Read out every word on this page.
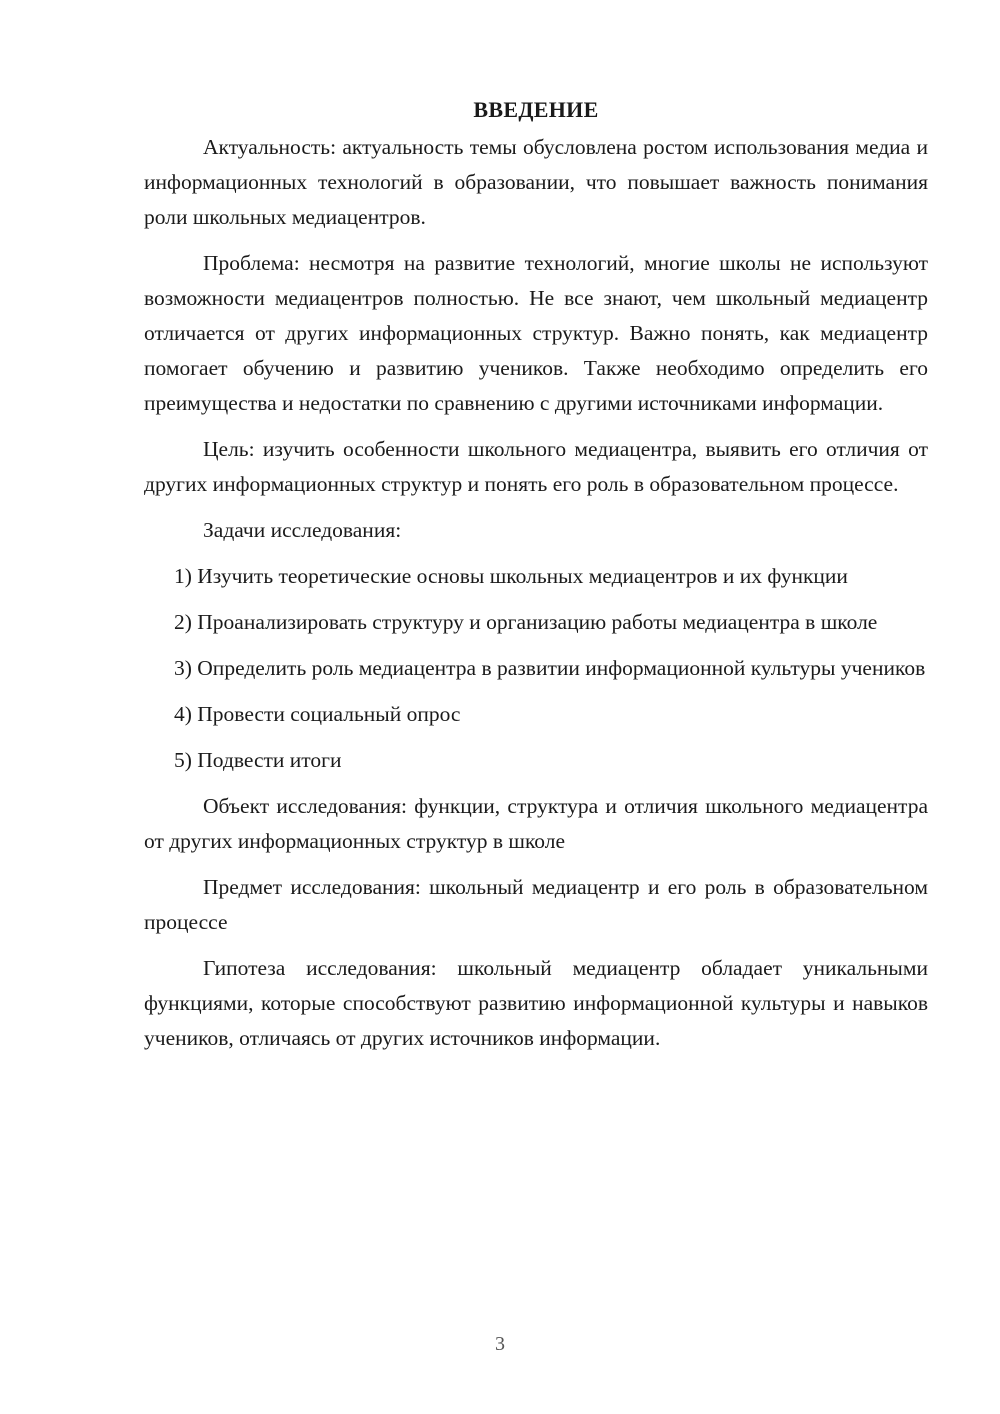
ВВЕДЕНИЕ

Актуальность: актуальность темы обусловлена ростом использования медиа и информационных технологий в образовании, что повышает важность понимания роли школьных медиацентров.

Проблема: несмотря на развитие технологий, многие школы не используют возможности медиацентров полностью. Не все знают, чем школьный медиацентр отличается от других информационных структур. Важно понять, как медиацентр помогает обучению и развитию учеников. Также необходимо определить его преимущества и недостатки по сравнению с другими источниками информации.

Цель: изучить особенности школьного медиацентра, выявить его отличия от других информационных структур и понять его роль в образовательном процессе.

Задачи исследования:

1) Изучить теоретические основы школьных медиацентров и их функции

2) Проанализировать структуру и организацию работы медиацентра в школе

3) Определить роль медиацентра в развитии информационной культуры учеников

4) Провести социальный опрос

5) Подвести итоги

Объект исследования: функции, структура и отличия школьного медиацентра от других информационных структур в школе

Предмет исследования: школьный медиацентр и его роль в образовательном процессе

Гипотеза исследования: школьный медиацентр обладает уникальными функциями, которые способствуют развитию информационной культуры и навыков учеников, отличаясь от других источников информации.

3
